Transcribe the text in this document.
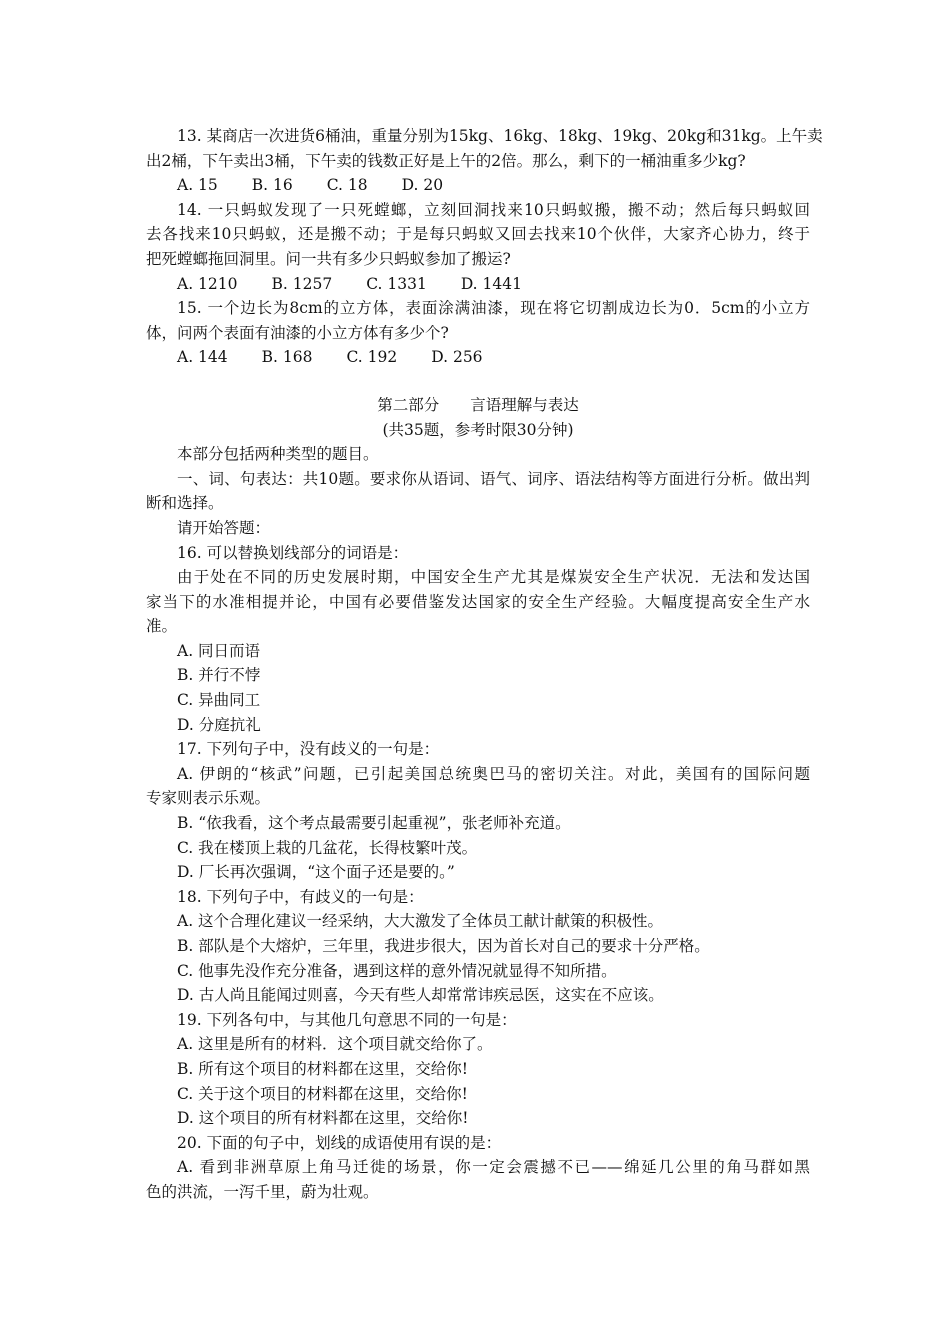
13. 某商店一次进货6桶油，重量分别为15kg、16kg、18kg、19kg、20kg和31kg。上午卖
出2桶，下午卖出3桶，下午卖的钱数正好是上午的2倍。那么，剩下的一桶油重多少kg?
A. 15 B. 16 C. 18 D. 20
14. 一只蚂蚁发现了一只死螳螂，立刻回洞找来10只蚂蚁搬，搬不动；然后每只蚂蚁回
去各找来10只蚂蚁，还是搬不动；于是每只蚂蚁又回去找来10个伙伴，大家齐心协力，终于
把死螳螂拖回洞里。问一共有多少只蚂蚁参加了搬运?
A. 1210 B. 1257 C. 1331 D. 1441
15. 一个边长为8cm的立方体，表面涂满油漆，现在将它切割成边长为0．5cm的小立方
体，问两个表面有油漆的小立方体有多少个?
A. 144 B. 168 C. 192 D. 256
第二部分　　言语理解与表达
(共35题，参考时限30分钟)
本部分包括两种类型的题目。
一、词、句表达：共10题。要求你从语词、语气、词序、语法结构等方面进行分析。做出判
断和选择。
请开始答题：
16. 可以替换划线部分的词语是：
由于处在不同的历史发展时期，中国安全生产尤其是煤炭安全生产状况．无法和发达国
家当下的水准相提并论，中国有必要借鉴发达国家的安全生产经验。大幅度提高安全生产水
准。
A. 同日而语
B. 并行不悖
C. 异曲同工
D. 分庭抗礼
17. 下列句子中，没有歧义的一句是：
A. 伊朗的“核武”问题，已引起美国总统奥巴马的密切关注。对此，美国有的国际问题
专家则表示乐观。
B. “依我看，这个考点最需要引起重视”，张老师补充道。
C. 我在楼顶上栽的几盆花，长得枝繁叶茂。
D. 厂长再次强调，“这个面子还是要的。”
18. 下列句子中，有歧义的一句是：
A. 这个合理化建议一经采纳，大大激发了全体员工献计献策的积极性。
B. 部队是个大熔炉，三年里，我进步很大，因为首长对自己的要求十分严格。
C. 他事先没作充分准备，遇到这样的意外情况就显得不知所措。
D. 古人尚且能闻过则喜，今天有些人却常常讳疾忌医，这实在不应该。
19. 下列各句中，与其他几句意思不同的一句是：
A. 这里是所有的材料．这个项目就交给你了。
B. 所有这个项目的材料都在这里，交给你!
C. 关于这个项目的材料都在这里，交给你!
D. 这个项目的所有材料都在这里，交给你!
20. 下面的句子中，划线的成语使用有误的是：
A. 看到非洲草原上角马迁徙的场景，你一定会震撼不已——绵延几公里的角马群如黑
色的洪流，一泻千里，蔚为壮观。
